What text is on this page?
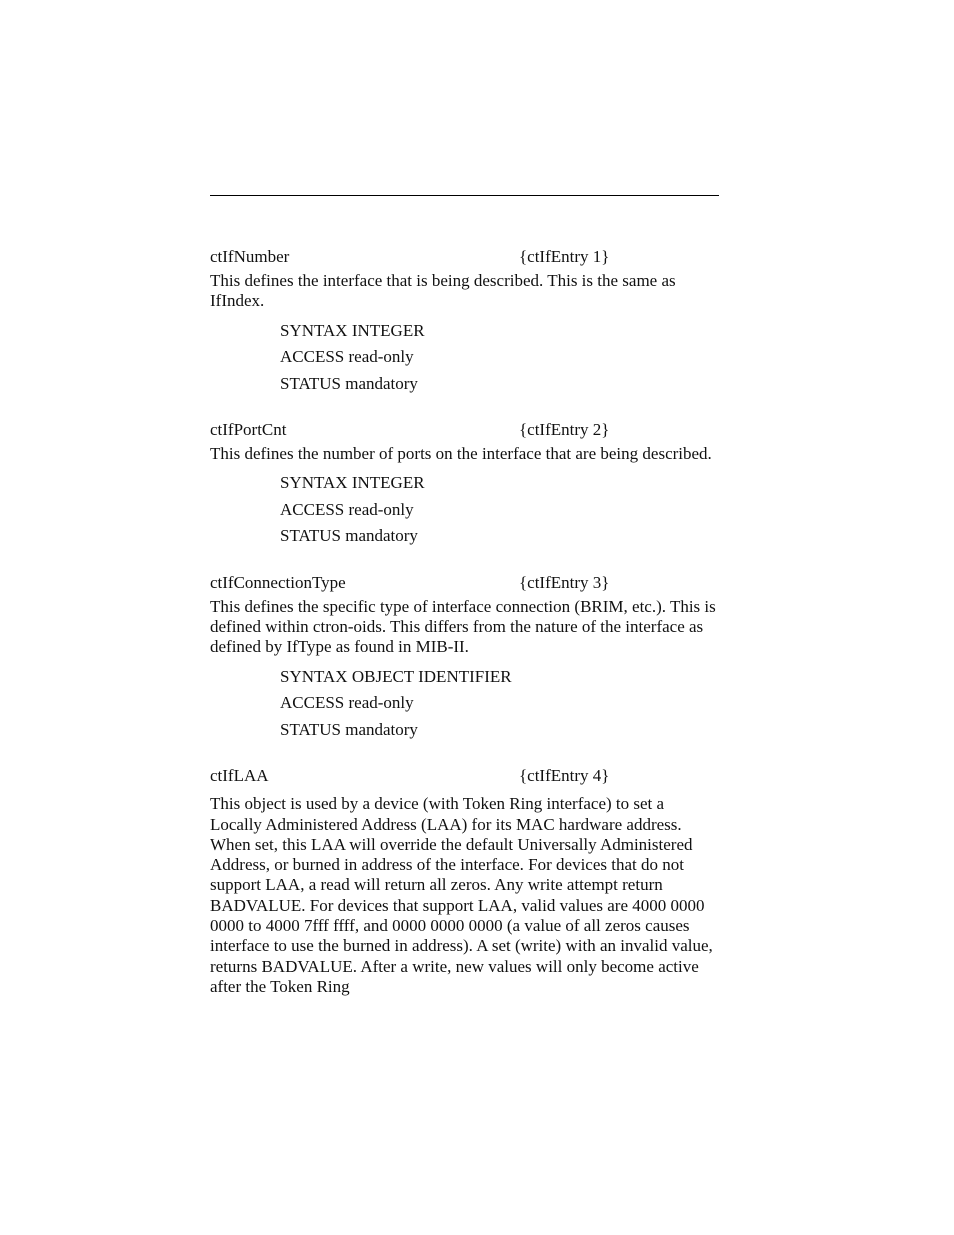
ctIfNumber	{ctIfEntry 1}

This defines the interface that is being described. This is the same as IfIndex.

SYNTAX INTEGER
ACCESS read-only
STATUS mandatory
ctIfPortCnt	{ctIfEntry 2}

This defines the number of ports on the interface that are being described.

SYNTAX INTEGER
ACCESS read-only
STATUS mandatory
ctIfConnectionType	{ctIfEntry 3}

This defines the specific type of interface connection (BRIM, etc.). This is defined within ctron-oids. This differs from the nature of the interface as defined by IfType as found in MIB-II.

SYNTAX OBJECT IDENTIFIER
ACCESS read-only
STATUS mandatory
ctIfLAA	{ctIfEntry 4}

This object is used by a device (with Token Ring interface) to set a Locally Administered Address (LAA) for its MAC hardware address. When set, this LAA will override the default Universally Administered Address, or burned in address of the interface. For devices that do not support LAA, a read will return all zeros. Any write attempt return BADVALUE. For devices that support LAA, valid values are 4000 0000 0000 to 4000 7fff ffff, and 0000 0000 0000 (a value of all zeros causes interface to use the burned in address). A set (write) with an invalid value, returns BADVALUE. After a write, new values will only become active after the Token Ring
